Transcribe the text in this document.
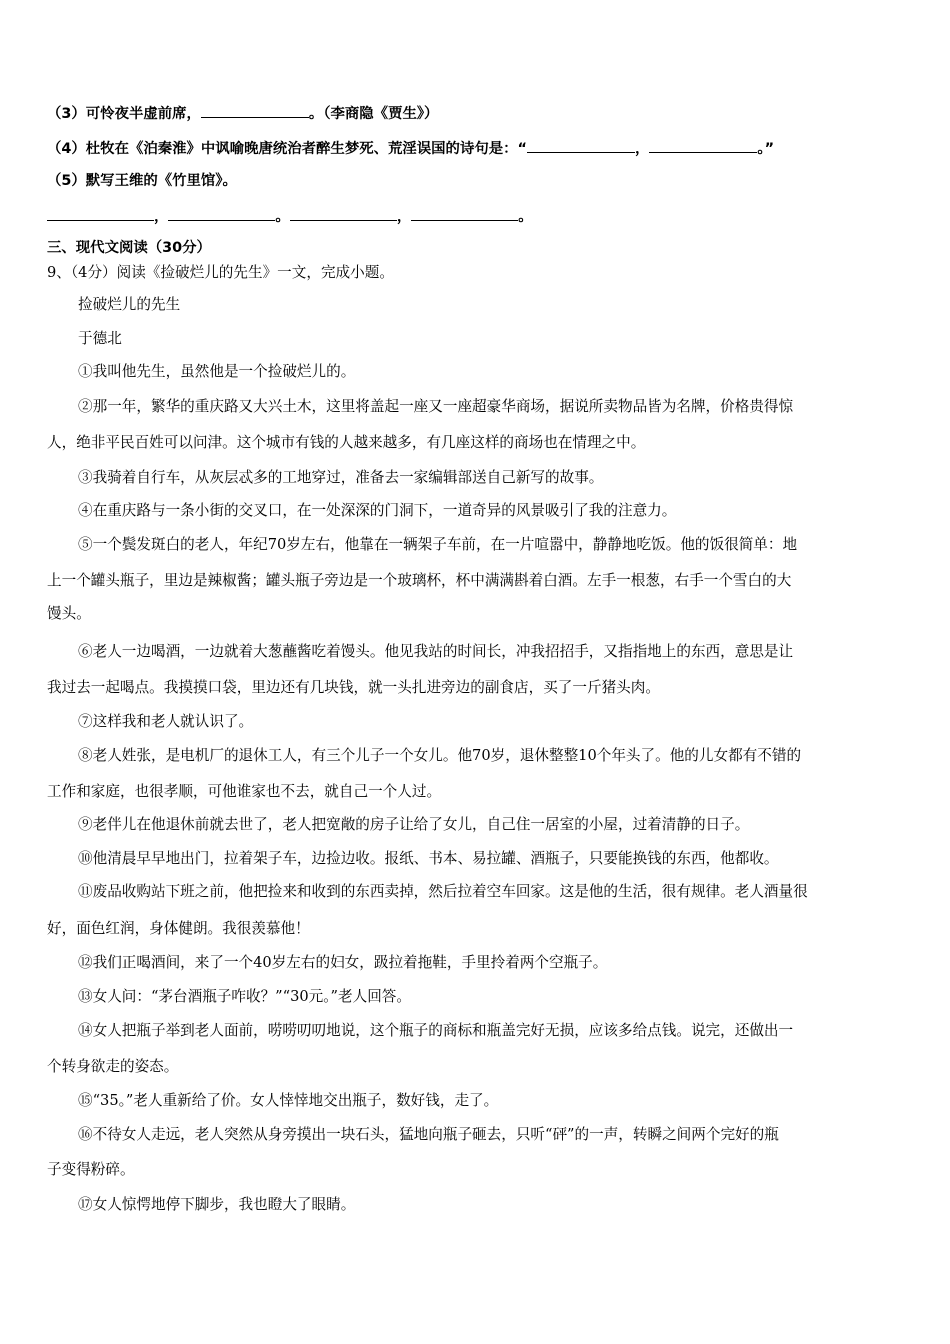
（3）可怜夜半虚前席，	。（李商隐《贾生》）
（4）杜牧在《泊秦淮》中讽喻晚唐统治者醉生梦死、荒淫误国的诗句是：“	，	。”
（5）默写王维的《竹里馆》。
，	。	，	。
三、现代文阅读（30分）
9、（4分）阅读《捡破烂儿的先生》一文，完成小题。
捡破烂儿的先生
于德北
①我叫他先生，虽然他是一个捡破烂儿的。
②那一年，繁华的重庆路又大兴土木，这里将盖起一座又一座超豪华商场，据说所卖物品皆为名牌，价格贵得惊
人，绝非平民百姓可以问津。这个城市有钱的人越来越多，有几座这样的商场也在情理之中。
③我骑着自行车，从灰层忒多的工地穿过，准备去一家编辑部送自己新写的故事。
④在重庆路与一条小街的交叉口，在一处深深的门洞下，一道奇异的风景吸引了我的注意力。
⑤一个鬓发斑白的老人，年纪70岁左右，他靠在一辆架子车前，在一片喧嚣中，静静地吃饭。他的饭很简单：地
上一个罐头瓶子，里边是辣椒酱；罐头瓶子旁边是一个玻璃杯，杯中满满斟着白酒。左手一根葱，右手一个雪白的大
馒头。
⑥老人一边喝酒，一边就着大葱蘸酱吃着馒头。他见我站的时间长，冲我招招手，又指指地上的东西，意思是让
我过去一起喝点。我摸摸口袋，里边还有几块钱，就一头扎进旁边的副食店，买了一斤猪头肉。
⑦这样我和老人就认识了。
⑧老人姓张，是电机厂的退休工人，有三个儿子一个女儿。他70岁，退休整整10个年头了。他的儿女都有不错的
工作和家庭，也很孝顺，可他谁家也不去，就自己一个人过。
⑨老伴儿在他退休前就去世了，老人把宽敞的房子让给了女儿，自己住一居室的小屋，过着清静的日子。
⑩他清晨早早地出门，拉着架子车，边捡边收。报纸、书本、易拉罐、酒瓶子，只要能换钱的东西，他都收。
⑪废品收购站下班之前，他把捡来和收到的东西卖掉，然后拉着空车回家。这是他的生活，很有规律。老人酒量很
好，面色红润，身体健朗。我很羡慕他！
⑫我们正喝酒间，来了一个40岁左右的妇女，趿拉着拖鞋，手里拎着两个空瓶子。
⑬女人问：“茅台酒瓶子咋收？”“30元。”老人回答。
⑭女人把瓶子举到老人面前，唠唠叨叨地说，这个瓶子的商标和瓶盖完好无损，应该多给点钱。说完，还做出一
个转身欲走的姿态。
⑮“35。”老人重新给了价。女人悻悻地交出瓶子，数好钱，走了。
⑯不待女人走远，老人突然从身旁摸出一块石头，猛地向瓶子砸去，只听“砰”的一声，转瞬之间两个完好的瓶
子变得粉碎。
⑰女人惊愕地停下脚步，我也瞪大了眼睛。
